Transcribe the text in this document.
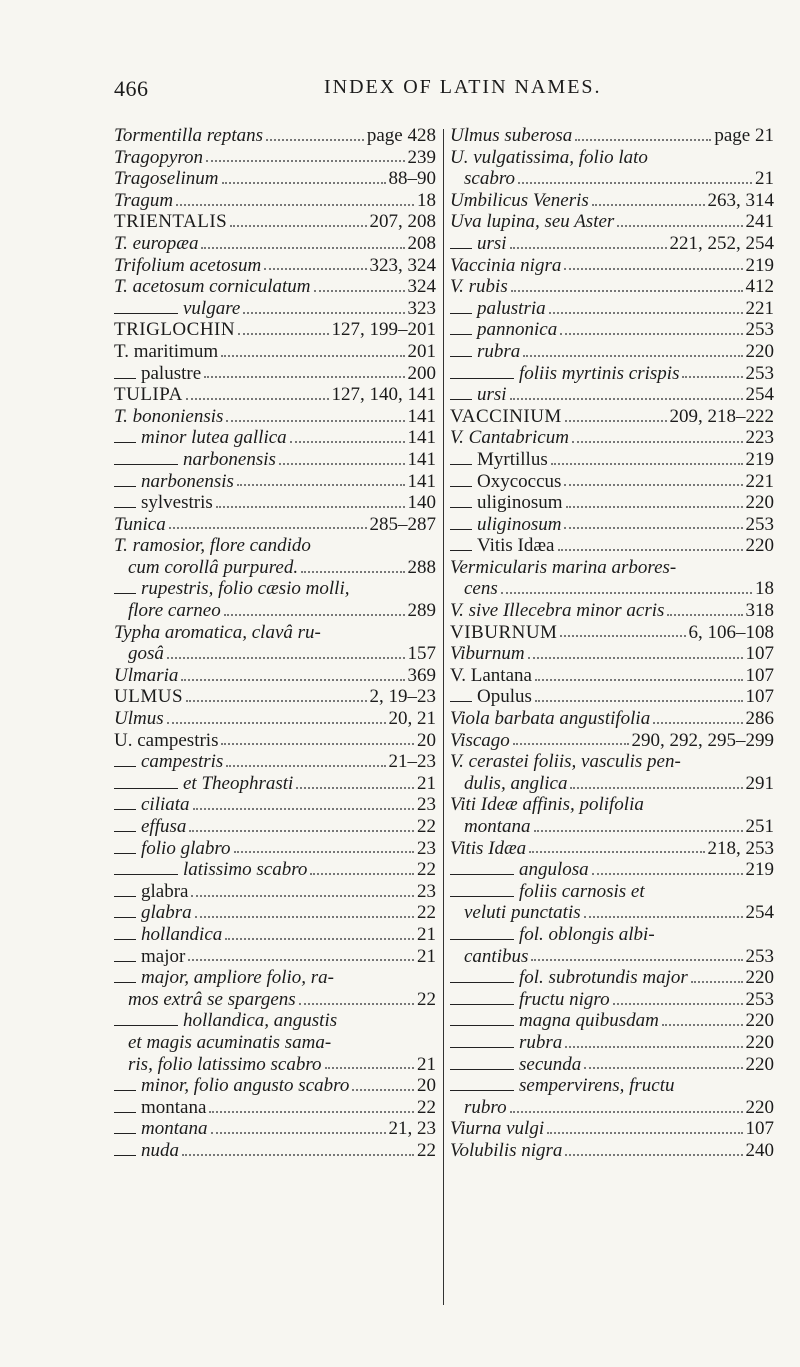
466	INDEX OF LATIN NAMES.
Tormentilla reptans	page 428
Tragopyron	239
Tragoselinum	88–90
Tragum	18
TRIENTALIS	207, 208
T. europæa	208
Trifolium acetosum	323, 324
T. acetosum corniculatum	324
vulgare	323
TRIGLOCHIN	127, 199–201
T. maritimum	201
palustre	200
TULIPA	127, 140, 141
T. bononiensis	141
minor lutea gallica	141
narbonensis	141
narbonensis	141
sylvestris	140
Tunica	285–287
T. ramosior, flore candido
cum corollâ purpured.	288
rupestris, folio cæsio molli,
flore carneo	289
Typha aromatica, clavâ ru-
gosâ	157
Ulmaria	369
ULMUS	2, 19–23
Ulmus	20, 21
U. campestris	20
campestris	21–23
et Theophrasti	21
ciliata	23
effusa	22
folio glabro	23
latissimo scabro	22
glabra	23
glabra	22
hollandica	21
major	21
major, ampliore folio, ra-
mos extrâ se spargens	22
hollandica, angustis
et magis acuminatis sama-
ris, folio latissimo scabro	21
minor, folio angusto scabro	20
montana	22
montana	21, 23
nuda	22
Ulmus suberosa	page 21
U. vulgatissima, folio lato
scabro	21
Umbilicus Veneris	263, 314
Uva lupina, seu Aster	241
ursi	221, 252, 254
Vaccinia nigra	219
V. rubis	412
palustria	221
pannonica	253
rubra	220
foliis myrtinis crispis	253
ursi	254
VACCINIUM	209, 218–222
V. Cantabricum	223
Myrtillus	219
Oxycoccus	221
uliginosum	220
uliginosum	253
Vitis Idæa	220
Vermicularis marina arbores-
cens	18
V. sive Illecebra minor acris	318
VIBURNUM	6, 106–108
Viburnum	107
V. Lantana	107
Opulus	107
Viola barbata angustifolia	286
Viscago	290, 292, 295–299
V. cerastei foliis, vasculis pen-
dulis, anglica	291
Viti Ideæ affinis, polifolia
montana	251
Vitis Idæa	218, 253
angulosa	219
foliis carnosis et
veluti punctatis	254
fol. oblongis albi-
cantibus	253
fol. subrotundis major	220
fructu nigro	253
magna quibusdam	220
rubra	220
secunda	220
sempervirens, fructu
rubro	220
Viurna vulgi	107
Volubilis nigra	240
